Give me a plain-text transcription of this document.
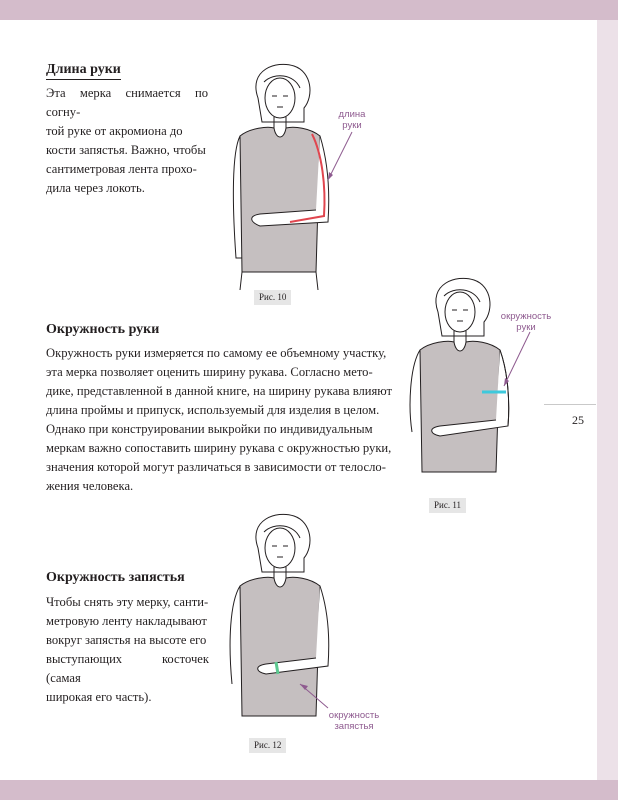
25
Длина руки
Эта мерка снимается по согну-
той руке от акромиона до
кости запястья. Важно, чтобы
сантиметровая лента прохо-
дила через локоть.
длина
руки
Рис. 10
Окружность руки
Окружность руки измеряется по самому ее объемному участку,
эта мерка позволяет оценить ширину рукава. Согласно мето-
дике, представленной в данной книге, на ширину рукава влияют
длина проймы и припуск, используемый для изделия в целом.
Однако при конструировании выкройки по индивидуальным
меркам важно сопоставить ширину рукава с окружностью руки,
значения которой могут различаться в зависимости от телосло-
жения человека.
окружность
руки
Рис. 11
Окружность запястья
Чтобы снять эту мерку, санти-
метровую ленту накладывают
вокруг запястья на высоте его
выступающих косточек (самая
широкая его часть).
окружность
запястья
Рис. 12
